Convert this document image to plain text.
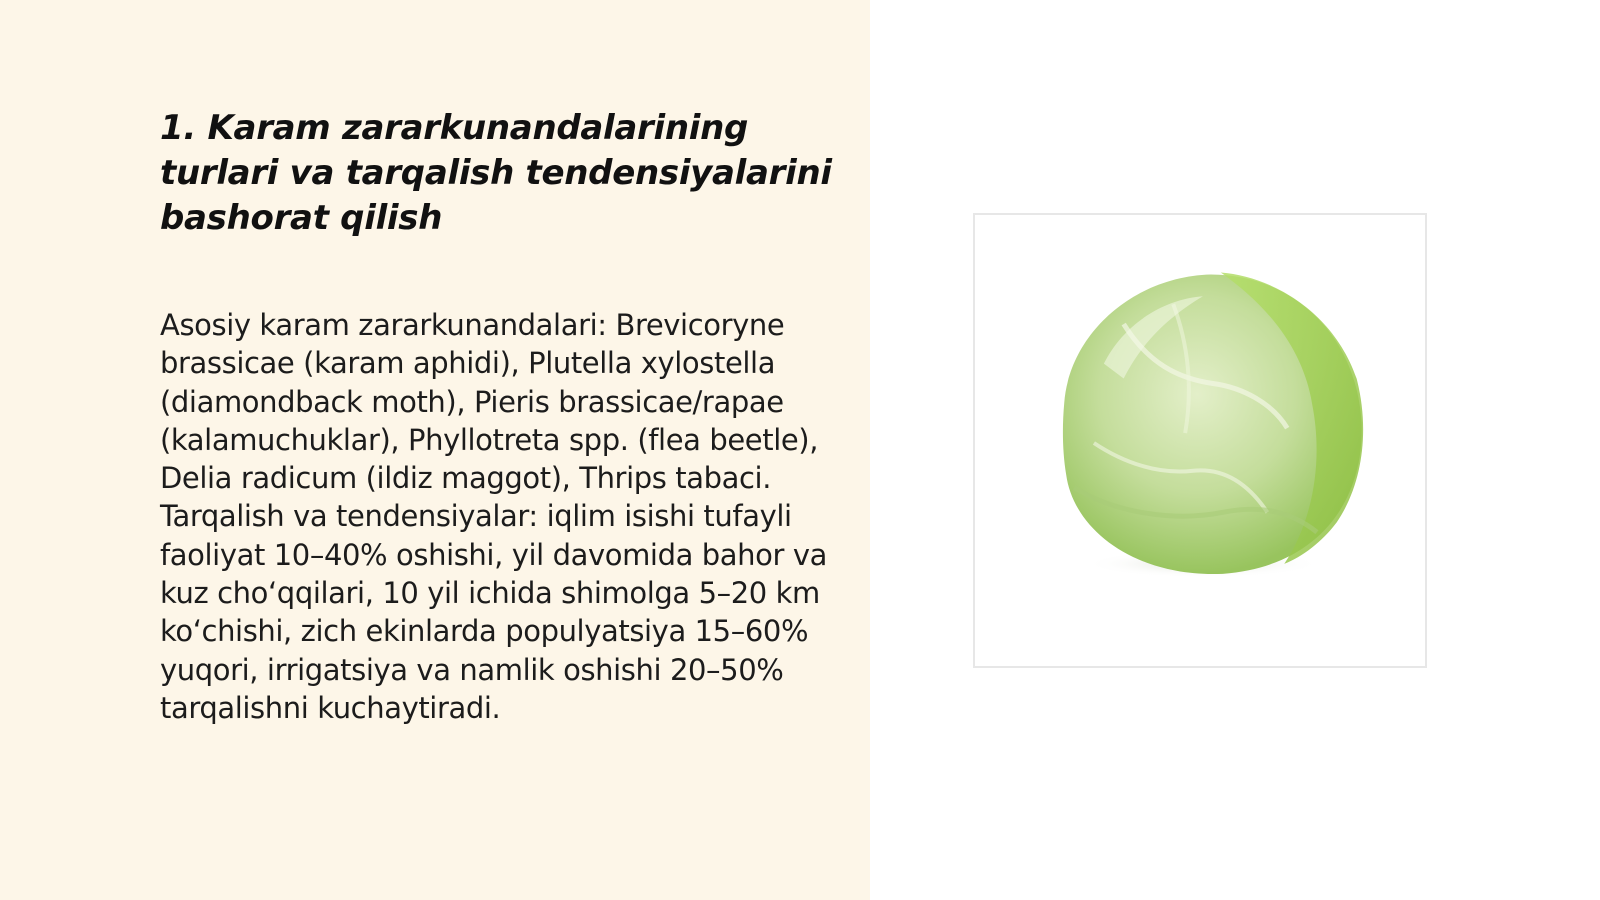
1. Karam zararkunandalarining turlari va tarqalish tendensiyalarini bashorat qilish

Asosiy karam zararkunandalari: Brevicoryne brassicae (karam aphidi), Plutella xylostella (diamondback moth), Pieris brassicae/rapae (kalamuchuklar), Phyllotreta spp. (flea beetle), Delia radicum (ildiz maggot), Thrips tabaci. Tarqalish va tendensiyalar: iqlim isishi tufayli faoliyat 10–40% oshishi, yil davomida bahor va kuz cho‘qqilari, 10 yil ichida shimolga 5–20 km ko‘chishi, zich ekinlarda populyatsiya 15–60% yuqori, irrigatsiya va namlik oshishi 20–50% tarqalishni kuchaytiradi.
